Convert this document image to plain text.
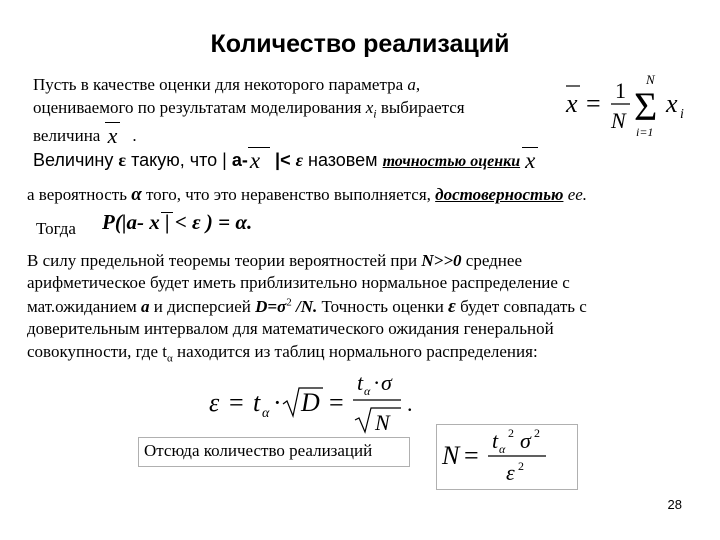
Количество реализаций
Пусть в качестве оценки для некоторого параметра a,
оцениваемого по результатам моделирования $x_i$ выбирается
величина x .
x = 1
N
N
Σ
i=1
x i
Величину ε такую, что | a-x |< ε назовем точностью оценки x
а вероятность α того, что это неравенство выполняется, достоверностью ее.
Тогда P(|a- x | < ε ) = α.
В силу предельной теоремы теории вероятностей при N>>0 среднее
арифметическое будет иметь приблизительно нормальное распределение с
мат.ожиданием а и дисперсией $D=\sigma^2$ /N. Точность оценки ε будет совпадать с
доверительным интервалом для математического ожидания генеральной
совокупности, где $t_\alpha$ находится из таблиц нормального распределения:
ε = t α · D =
t α · σ
N
.
Отсюда количество реализаций	N =
t α
2 σ 2
ε 2
28
